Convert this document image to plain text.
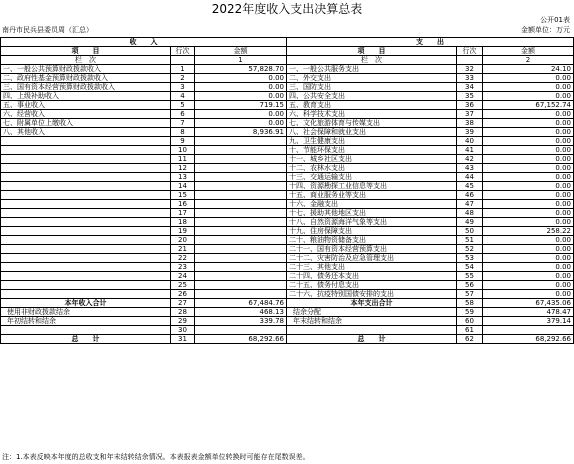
2022年度收入支出决算总表
公开01表
南丹市民兵县委员周（汇总）	金额单位：万元
收　　入			支　　出		
项　　目	行次	金额	项　　目	行次	金额
栏　次		1	栏　次		2
一、一般公共预算财政拨款收入	1	57,828.70	一、一般公共服务支出	32	24.10
二、政府性基金预算财政拨款收入	2	0.00	二、外交支出	33	0.00
三、国有资本经营预算财政拨款收入	3	0.00	三、国防支出	34	0.00
四、上级补助收入	4	0.00	四、公共安全支出	35	0.00
五、事业收入	5	719.15	五、教育支出	36	67,152.74
六、经营收入	6	0.00	六、科学技术支出	37	0.00
七、附属单位上缴收入	7	0.00	七、文化旅游体育与传媒支出	38	0.00
八、其他收入	8	8,936.91	八、社会保障和就业支出	39	0.00
	9		九、卫生健康支出	40	0.00
	10		十、节能环保支出	41	0.00
	11		十一、城乡社区支出	42	0.00
	12		十二、农林水支出	43	0.00
	13		十三、交通运输支出	44	0.00
	14		十四、资源勘探工业信息等支出	45	0.00
	15		十五、商业服务业等支出	46	0.00
	16		十六、金融支出	47	0.00
	17		十七、援助其他地区支出	48	0.00
	18		十八、自然资源海洋气象等支出	49	0.00
	19		十九、住房保障支出	50	258.22
	20		二十、粮油物资储备支出	51	0.00
	21		二十一、国有资本经营预算支出	52	0.00
	22		二十二、灾害防治及应急管理支出	53	0.00
	23		二十三、其他支出	54	0.00
	24		二十四、债务还本支出	55	0.00
	25		二十五、债务付息支出	56	0.00
	26		二十六、抗疫特别国债安排的支出	57	0.00
本年收入合计	27	67,484.76	本年支出合计	58	67,435.06
使用非财政拨款结余	28	468.13	结余分配	59	478.47
年初结转和结余	29	339.78	年末结转和结余	60	379.14
	30			61	
总　　计	31	68,292.66	总　　计	62	68,292.66
注：1.本表反映本年度的总收支和年末结转结余情况。本表报表金额单位转换时可能存在尾数误差。
